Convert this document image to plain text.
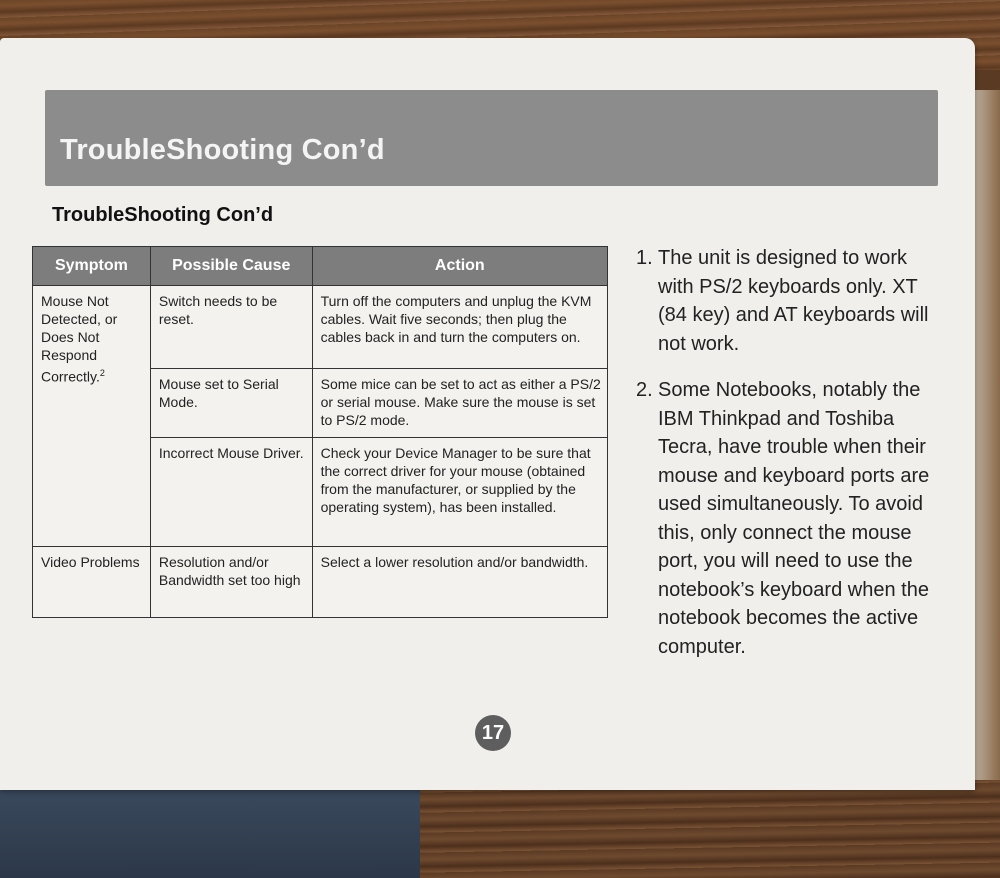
TroubleShooting Con’d
TroubleShooting Con’d
Symptom	Possible Cause	Action
Mouse Not Detected, or Does Not Respond Correctly.$^2$	Switch needs to be reset.	Turn off the computers and unplug the KVM cables. Wait five seconds; then plug the cables back in and turn the computers on.
	Mouse set to Serial Mode.	Some mice can be set to act as either a PS/2 or serial mouse. Make sure the mouse is set to PS/2 mode.
	Incorrect Mouse Driver.	Check your Device Manager to be sure that the correct driver for your mouse (obtained from the manufacturer, or supplied by the operating system), has been installed.
Video Problems	Resolution and/or Bandwidth set too high	Select a lower resolution and/or bandwidth.
1. The unit is designed to work with PS/2 keyboards only. XT (84 key) and AT keyboards will not work.
2. Some Notebooks, notably the IBM Thinkpad and Toshiba Tecra, have trouble when their mouse and keyboard ports are used simultaneously. To avoid this, only connect the mouse port, you will need to use the notebook’s keyboard when the notebook becomes the active computer.
17
